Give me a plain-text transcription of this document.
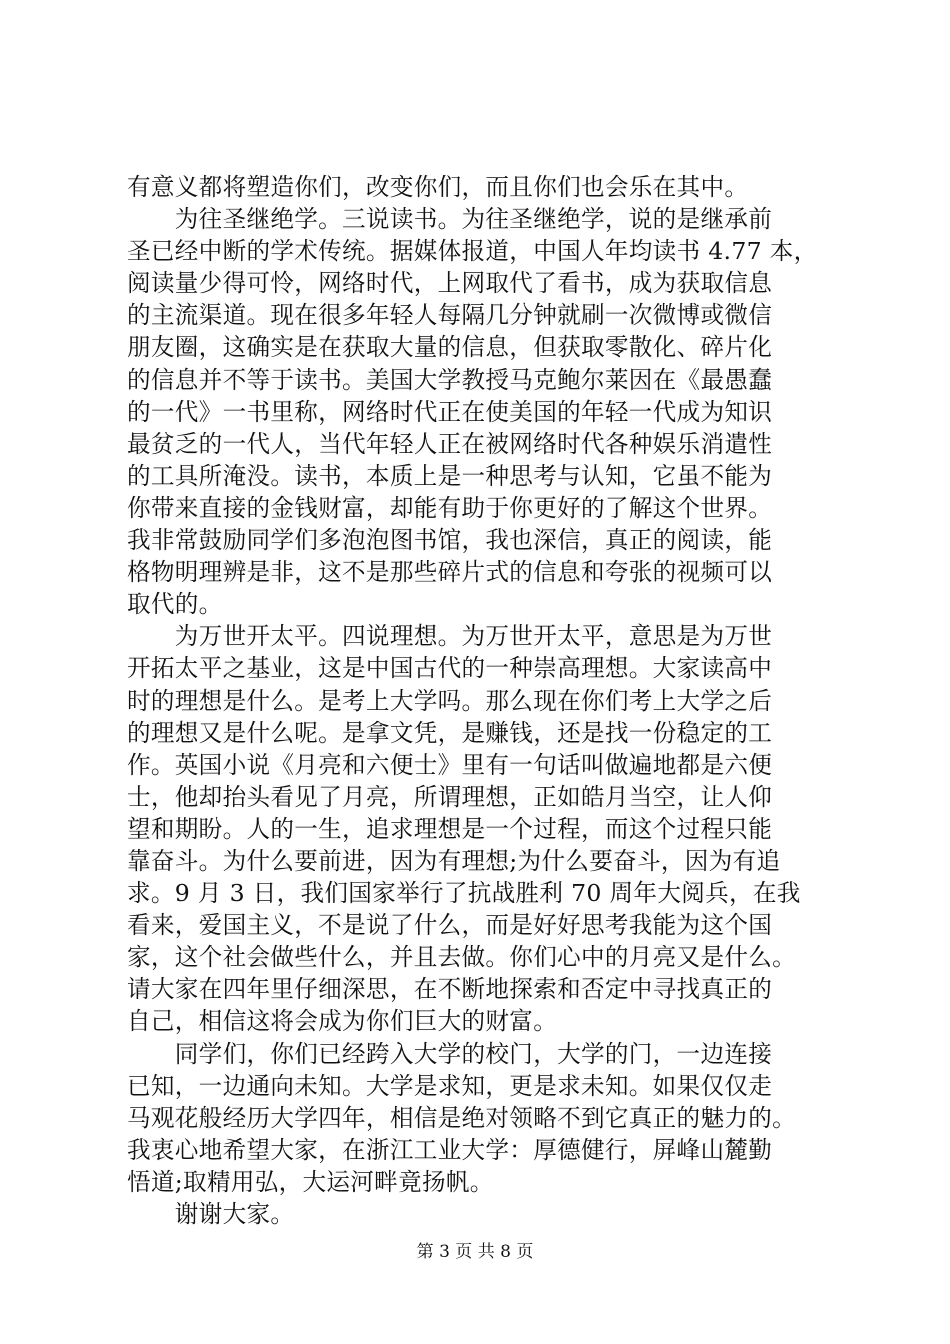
有意义都将塑造你们，改变你们，而且你们也会乐在其中。
　　为往圣继绝学。三说读书。为往圣继绝学，说的是继承前
圣已经中断的学术传统。据媒体报道，中国人年均读书 4.77 本，
阅读量少得可怜，网络时代，上网取代了看书，成为获取信息
的主流渠道。现在很多年轻人每隔几分钟就刷一次微博或微信
朋友圈，这确实是在获取大量的信息，但获取零散化、碎片化
的信息并不等于读书。美国大学教授马克鲍尔莱因在《最愚蠢
的一代》一书里称，网络时代正在使美国的年轻一代成为知识
最贫乏的一代人，当代年轻人正在被网络时代各种娱乐消遣性
的工具所淹没。读书，本质上是一种思考与认知，它虽不能为
你带来直接的金钱财富，却能有助于你更好的了解这个世界。
我非常鼓励同学们多泡泡图书馆，我也深信，真正的阅读，能
格物明理辨是非，这不是那些碎片式的信息和夸张的视频可以
取代的。
　　为万世开太平。四说理想。为万世开太平，意思是为万世
开拓太平之基业，这是中国古代的一种崇高理想。大家读高中
时的理想是什么。是考上大学吗。那么现在你们考上大学之后
的理想又是什么呢。是拿文凭，是赚钱，还是找一份稳定的工
作。英国小说《月亮和六便士》里有一句话叫做遍地都是六便
士，他却抬头看见了月亮，所谓理想，正如皓月当空，让人仰
望和期盼。人的一生，追求理想是一个过程，而这个过程只能
靠奋斗。为什么要前进，因为有理想;为什么要奋斗，因为有追
求。9 月 3 日，我们国家举行了抗战胜利 70 周年大阅兵，在我
看来，爱国主义，不是说了什么，而是好好思考我能为这个国
家，这个社会做些什么，并且去做。你们心中的月亮又是什么。
请大家在四年里仔细深思，在不断地探索和否定中寻找真正的
自己，相信这将会成为你们巨大的财富。
　　同学们，你们已经跨入大学的校门，大学的门，一边连接
已知，一边通向未知。大学是求知，更是求未知。如果仅仅走
马观花般经历大学四年，相信是绝对领略不到它真正的魅力的。
我衷心地希望大家，在浙江工业大学：厚德健行，屏峰山麓勤
悟道;取精用弘，大运河畔竟扬帆。
　　谢谢大家。
第 3 页 共 8 页
